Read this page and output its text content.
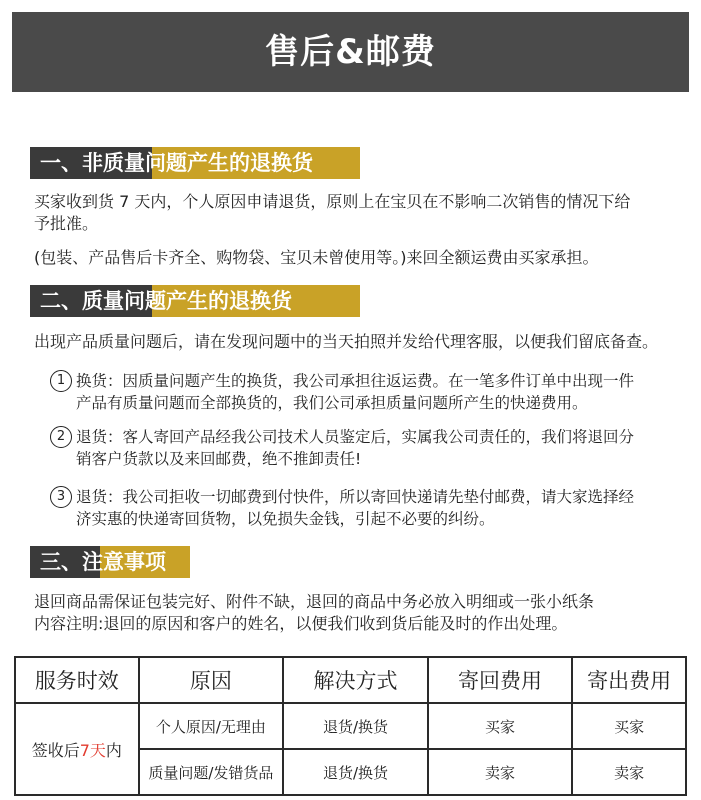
售后&邮费
一、非质量问题产生的退换货
买家收到货 7 天内，个人原因申请退货，原则上在宝贝在不影响二次销售的情况下给
予批准。
(包装、产品售后卡齐全、购物袋、宝贝未曾使用等。)来回全额运费由买家承担。
二、质量问题产生的退换货
出现产品质量问题后，请在发现问题中的当天拍照并发给代理客服，以便我们留底备查。
1 换货：因质量问题产生的换货，我公司承担往返运费。在一笔多件订单中出现一件
产品有质量问题而全部换货的，我们公司承担质量问题所产生的快递费用。
2 退货：客人寄回产品经我公司技术人员鉴定后，实属我公司责任的，我们将退回分
销客户货款以及来回邮费，绝不推卸责任!
3 退货：我公司拒收一切邮费到付快件，所以寄回快递请先垫付邮费，请大家选择经
济实惠的快递寄回货物，以免损失金钱，引起不必要的纠纷。
三、注意事项
退回商品需保证包装完好、附件不缺，退回的商品中务必放入明细或一张小纸条
内容注明:退回的原因和客户的姓名，以便我们收到货后能及时的作出处理。
服务时效	原因	解决方式	寄回费用	寄出费用
签收后7天内	个人原因/无理由	退货/换货	买家	买家
	质量问题/发错货品	退货/换货	卖家	卖家
